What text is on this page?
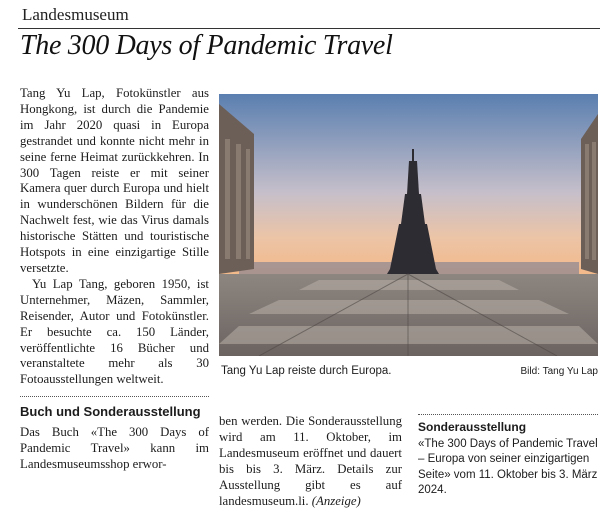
Landesmuseum
The 300 Days of Pandemic Travel

Tang Yu Lap, Fotokünstler aus Hongkong, ist durch die Pandemie im Jahr 2020 quasi in Europa gestrandet und konnte nicht mehr in seine ferne Heimat zurückkehren. In 300 Tagen reiste er mit seiner Kamera quer durch Europa und hielt in wunderschönen Bildern für die Nachwelt fest, wie das Virus damals historische Stätten und touristische Hotspots in eine einzigartige Stille versetzte.

Yu Lap Tang, geboren 1950, ist Unternehmer, Mäzen, Sammler, Reisender, Autor und Fotokünstler. Er besuchte ca. 150 Länder, veröffentlichte 16 Bücher und veranstaltete mehr als 30 Fotoausstellungen weltweit.

Buch und Sonderausstellung

Das Buch «The 300 Days of Pandemic Travel» kann im Landesmuseumsshop erwor-

Tang Yu Lap reiste durch Europa.	Bild: Tang Yu Lap

ben werden. Die Sonderausstellung wird am 11. Oktober, im Landesmuseum eröffnet und dauert bis bis 3. März. Details zur Ausstellung gibt es auf landesmuseum.li. (Anzeige)

Sonderausstellung
«The 300 Days of Pandemic Travel – Europa von seiner einzigartigen Seite» vom 11. Oktober bis 3. März 2024.
